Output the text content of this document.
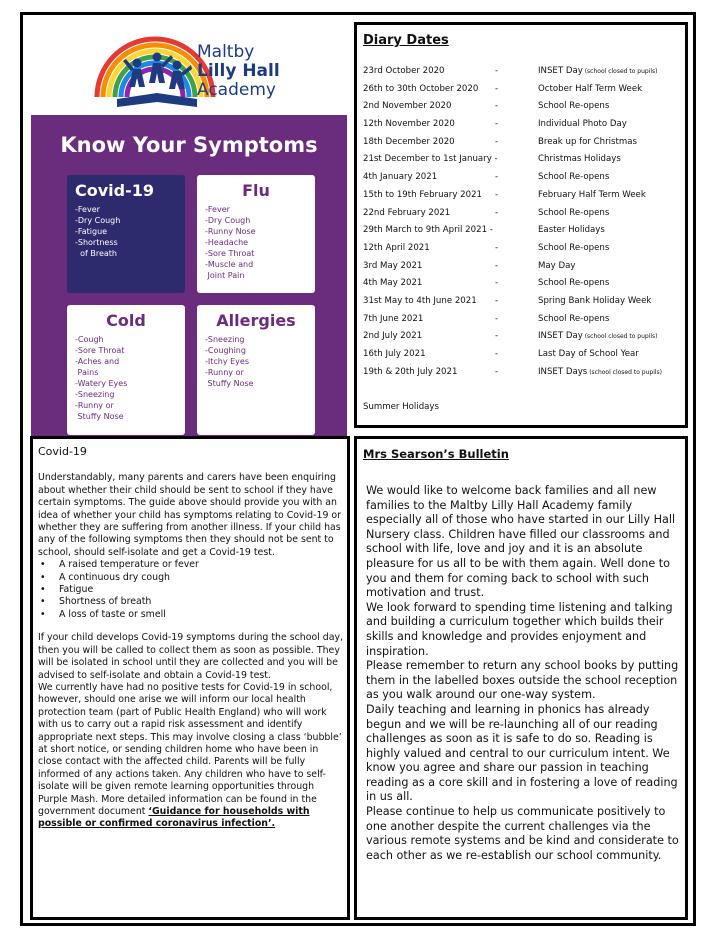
Maltby
Lilly Hall
Academy
Know Your Symptoms
Covid-19
-Fever
-Dry Cough
-Fatigue
-Shortness
of Breath
Flu
-Fever
-Dry Cough
-Runny Nose
-Headache
-Sore Throat
-Muscle and
Joint Pain
Cold
-Cough
-Sore Throat
-Aches and
Pains
-Watery Eyes
-Sneezing
-Runny or
Stuffy Nose
Allergies
-Sneezing
-Coughing
-Itchy Eyes
-Runny or
Stuffy Nose
Diary Dates
23rd October 2020	-	INSET Day (school closed to pupils)
26th to 30th October 2020 -	October Half Term Week
2nd November 2020	-	School Re-opens
12th November 2020	-	Individual Photo Day
18th December 2020	-	Break up for Christmas
21st December to 1st January -	Christmas Holidays
4th January 2021	-	School Re-opens
15th to 19th February 2021 -	February Half Term Week
22nd February 2021	-	School Re-opens
29th March to 9th April 2021 -	Easter Holidays
12th April 2021	-	School Re-opens
3rd May 2021	-	May Day
4th May 2021	-	School Re-opens
31st May to 4th June 2021 -	Spring Bank Holiday Week
7th June 2021	-	School Re-opens
2nd July 2021	-	INSET Day (school closed to pupils)
16th July 2021	-	Last Day of School Year
19th & 20th July 2021	-	INSET Days (school closed to pupils)
Summer Holidays
Covid-19

Understandably, many parents and carers have been enquiring about whether their child should be sent to school if they have certain symptoms. The guide above should provide you with an idea of whether your child has symptoms relating to Covid-19 or whether they are suffering from another illness. If your child has any of the following symptoms then they should not be sent to school, should self-isolate and get a Covid-19 test.

• A raised temperature or fever
• A continuous dry cough
• Fatigue
• Shortness of breath
• A loss of taste or smell

If your child develops Covid-19 symptoms during the school day, then you will be called to collect them as soon as possible. They will be isolated in school until they are collected and you will be advised to self-isolate and obtain a Covid-19 test.

We currently have had no positive tests for Covid-19 in school, however, should one arise we will inform our local health protection team (part of Public Health England) who will work with us to carry out a rapid risk assessment and identify appropriate next steps. This may involve closing a class ‘bubble’ at short notice, or sending children home who have been in close contact with the affected child. Parents will be fully informed of any actions taken. Any children who have to self-isolate will be given remote learning opportunities through Purple Mash. More detailed information can be found in the government document ‘Guidance for households with possible or confirmed coronavirus infection’.

Mrs Searson’s Bulletin

We would like to welcome back families and all new families to the Maltby Lilly Hall Academy family especially all of those who have started in our Lilly Hall Nursery class. Children have filled our classrooms and school with life, love and joy and it is an absolute pleasure for us all to be with them again. Well done to you and them for coming back to school with such motivation and trust.

We look forward to spending time listening and talking and building a curriculum together which builds their skills and knowledge and provides enjoyment and inspiration.

Please remember to return any school books by putting them in the labelled boxes outside the school reception as you walk around our one-way system.

Daily teaching and learning in phonics has already begun and we will be re-launching all of our reading challenges as soon as it is safe to do so. Reading is highly valued and central to our curriculum intent. We know you agree and share our passion in teaching reading as a core skill and in fostering a love of reading in us all.

Please continue to help us communicate positively to one another despite the current challenges via the various remote systems and be kind and considerate to each other as we re-establish our school community.
